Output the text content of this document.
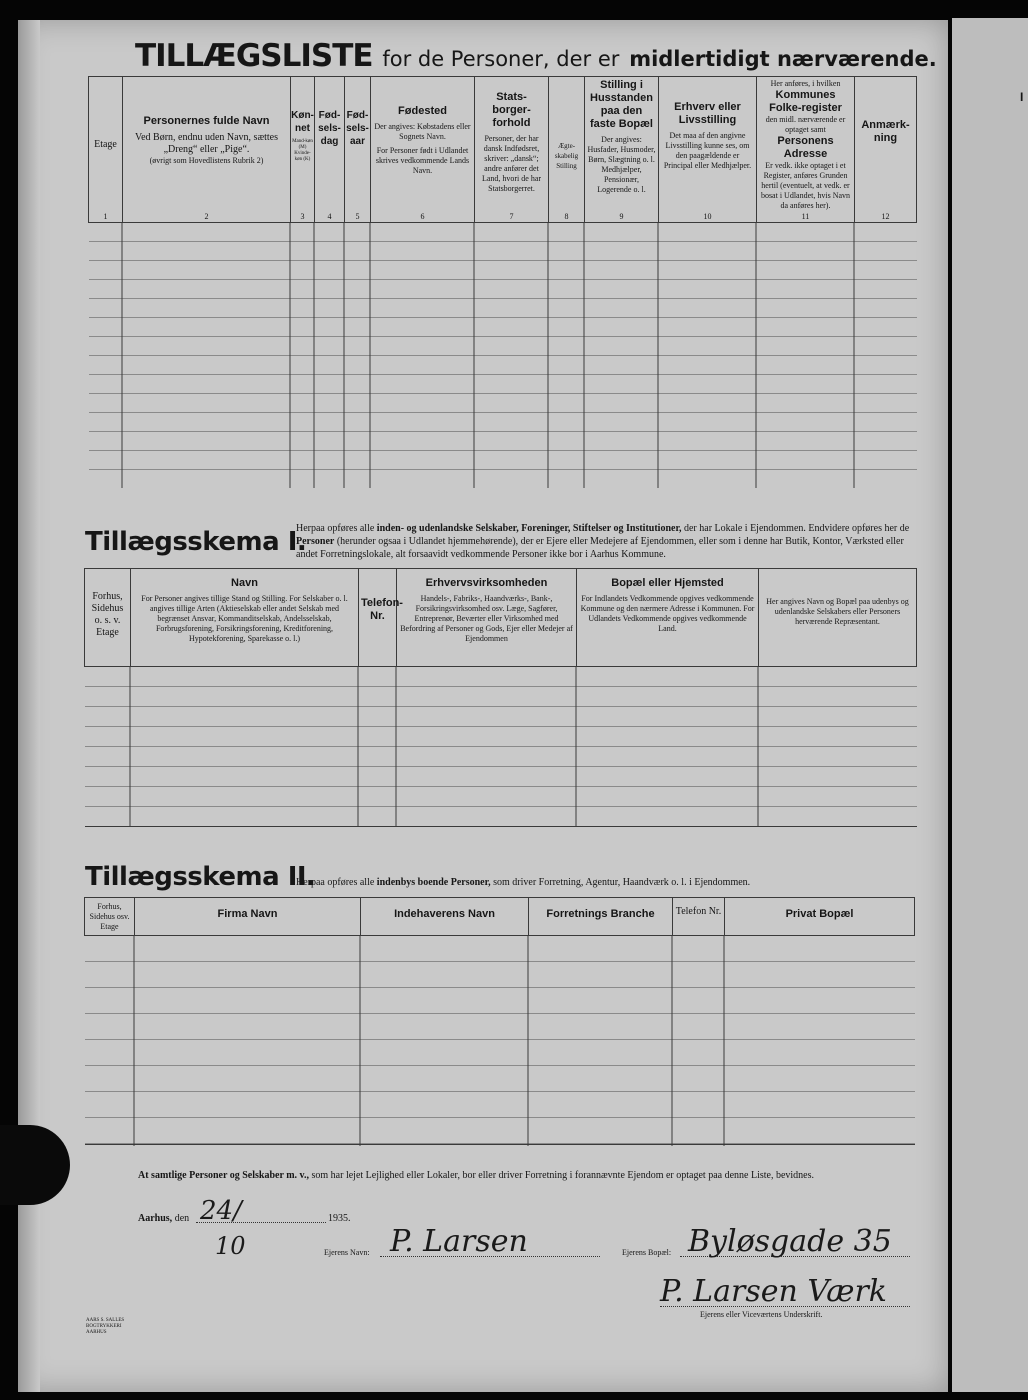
I
TILLÆGSLISTE for de Personer, der er midlertidigt nærværende.
Etage
1

Personernes fulde Navn
Ved Børn, endnu uden Navn, sættes „Dreng“ eller „Pige“.
(øvrigt som Hovedlistens Rubrik 2)
2

Køn-net
Mand-køn (M) Kvinde-køn (K)
3

Fød-sels-dag
4

Fød-sels-aar
5

Fødested
Der angives: Købstadens eller Sognets Navn.
For Personer født i Udlandet skrives vedkommende Lands Navn.
6

Stats-borger-forhold
Personer, der har dansk Indfødsret, skriver: „dansk“; andre anfører det Land, hvori de har Statsborgerret.
7

Ægte-skabelig Stilling
8

Stilling i Husstanden paa den faste Bopæl
Der angives: Husfader, Husmoder, Børn, Slægtning o. l. Medhjælper, Pensionær, Logerende o. l.
9

Erhverv eller Livsstilling
Det maa af den angivne Livsstilling kunne ses, om den paagældende er Principal eller Medhjælper.
10

Her anføres, i hvilken
Kommunes Folke-register
den midl. nærværende er optaget samt
Personens Adresse
Er vedk. ikke optaget i et Register, anføres Grunden hertil (eventuelt, at vedk. er bosat i Udlandet, hvis Navn da anføres her).
11

Anmærk-ning
12

Tillægsskema I.
Herpaa opføres alle inden- og udenlandske Selskaber, Foreninger, Stiftelser og Institutioner, der har Lokale i Ejendommen. Endvidere opføres her de Personer (herunder ogsaa i Udlandet hjemmehørende), der er Ejere eller Medejere af Ejendommen, eller som i denne har Butik, Kontor, Værksted eller andet Forretningslokale, alt forsaavidt vedkommende Personer ikke bor i Aarhus Kommune.
Forhus, Sidehus o. s. v. Etage

Navn
For Personer angives tillige Stand og Stilling. For Selskaber o. l. angives tillige Arten (Aktieselskab eller andet Selskab med begrænset Ansvar, Kommanditselskab, Andelsselskab, Forbrugsforening, Forsikringsforening, Kreditforening, Hypotekforening, Sparekasse o. l.)

Telefon-Nr.

Erhvervsvirksomheden
Handels-, Fabriks-, Haandværks-, Bank-, Forsikringsvirksomhed osv. Læge, Sagfører, Entreprenør, Beværter eller Virksomhed med Befordring af Personer og Gods, Ejer eller Medejer af Ejendommen

Bopæl eller Hjemsted
For Indlandets Vedkommende opgives vedkommende Kommune og den nærmere Adresse i Kommunen. For Udlandets Vedkommende opgives vedkommende Land.

Her angives Navn og Bopæl paa udenbys og udenlandske Selskabers eller Personers herværende Repræsentant.

Tillægsskema II.
Herpaa opføres alle indenbys boende Personer, som driver Forretning, Agentur, Haandværk o. l. i Ejendommen.
Forhus, Sidehus osv. Etage

Firma Navn	Indehaverens Navn	Forretnings Branche	Telefon Nr.	Privat Bopæl

At samtlige Personer og Selskaber m. v., som har lejet Lejlighed eller Lokaler, bor eller driver Forretning i forannævnte Ejendom er optaget paa denne Liste, bevidnes.
Aarhus, den 24/
10
1935.
Ejerens Navn: P. Larsen	Ejerens Bopæl: Byløsgade 35
P. Larsen Værk
Ejerens eller Viceværtens Underskrift.
AARS S. SALLES BOGTRYKKERI AARHUS
